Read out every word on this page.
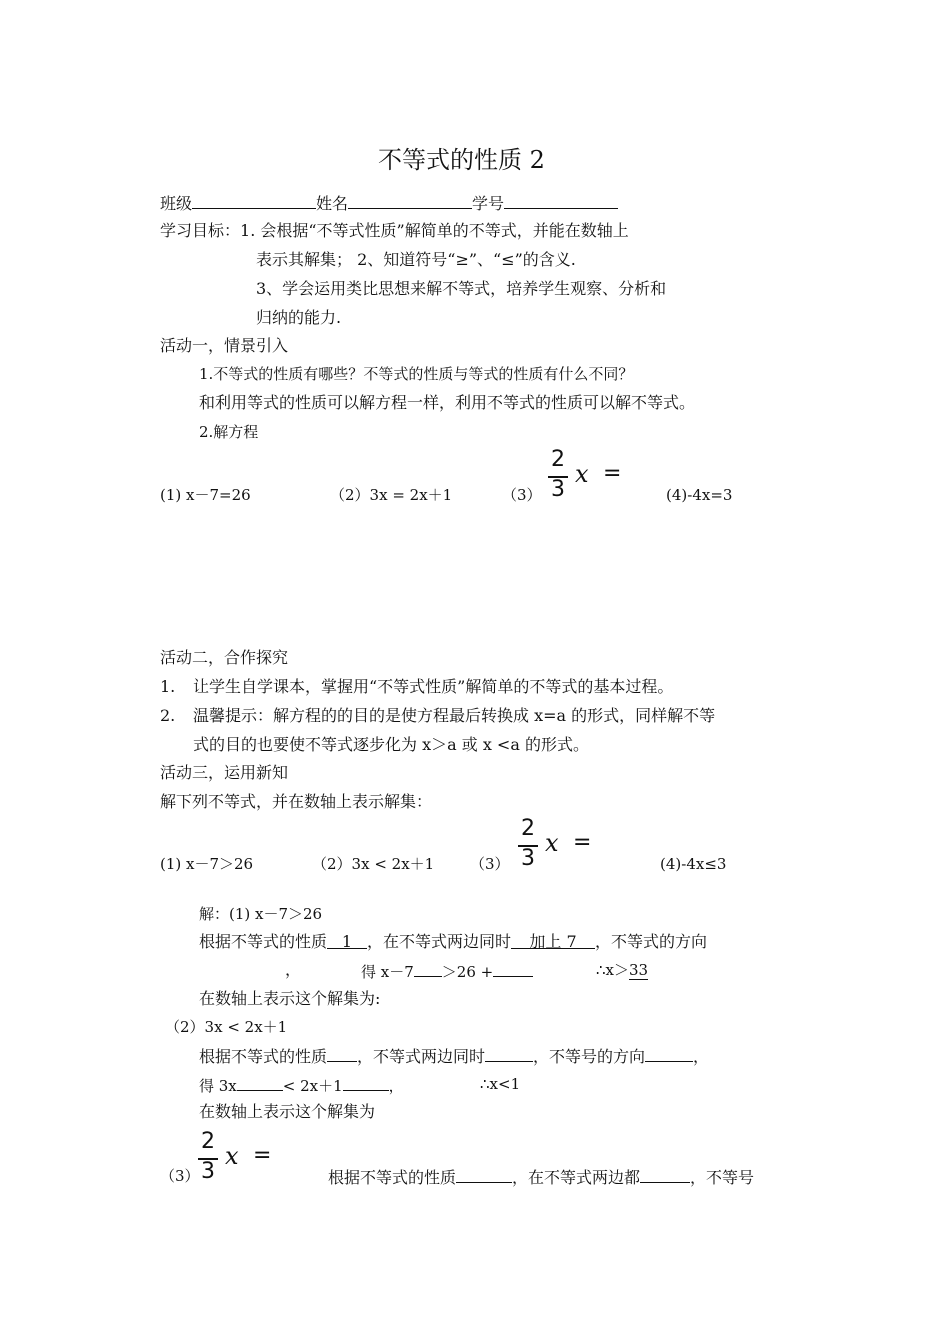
不等式的性质 2
班级	姓名	学号
学习目标：1. 会根据“不等式性质”解简单的不等式，并能在数轴上
表示其解集； 2、知道符号“≥”、“≤”的含义.
3、学会运用类比思想来解不等式，培养学生观察、分析和
归纳的能力.
活动一，情景引入
1.不等式的性质有哪些？不等式的性质与等式的性质有什么不同？
和利用等式的性质可以解方程一样，利用不等式的性质可以解不等式。
2.解方程
(1) x－7=26	（2）3x = 2x＋1	（3）
2
3
x =
(4)-4x=3
活动二，合作探究
1. 让学生自学课本，掌握用“不等式性质”解简单的不等式的基本过程。
2. 温馨提示：解方程的的目的是使方程最后转换成 x=a 的形式，同样解不等
式的目的也要使不等式逐步化为 x＞a 或 x <a 的形式。
活动三，运用新知
解下列不等式，并在数轴上表示解集：
(1) x－7＞26	（2）3x < 2x＋1 （3）
2
3
x =
(4)-4x≤3
解：(1) x－7＞26
根据不等式的性质 1 ，在不等式两边同时 加上 7 ，不等式的方向
，	得 x－7 ＞26 +	∴x＞33
在数轴上表示这个解集为:
（2）3x < 2x＋1
根据不等式的性质 ，不等式两边同时	，不等号的方向	，
得 3x	< 2x＋1	，	∴x<1
在数轴上表示这个解集为
2
3
x =
（3）	根据不等式的性质	，在不等式两边都	，不等号
